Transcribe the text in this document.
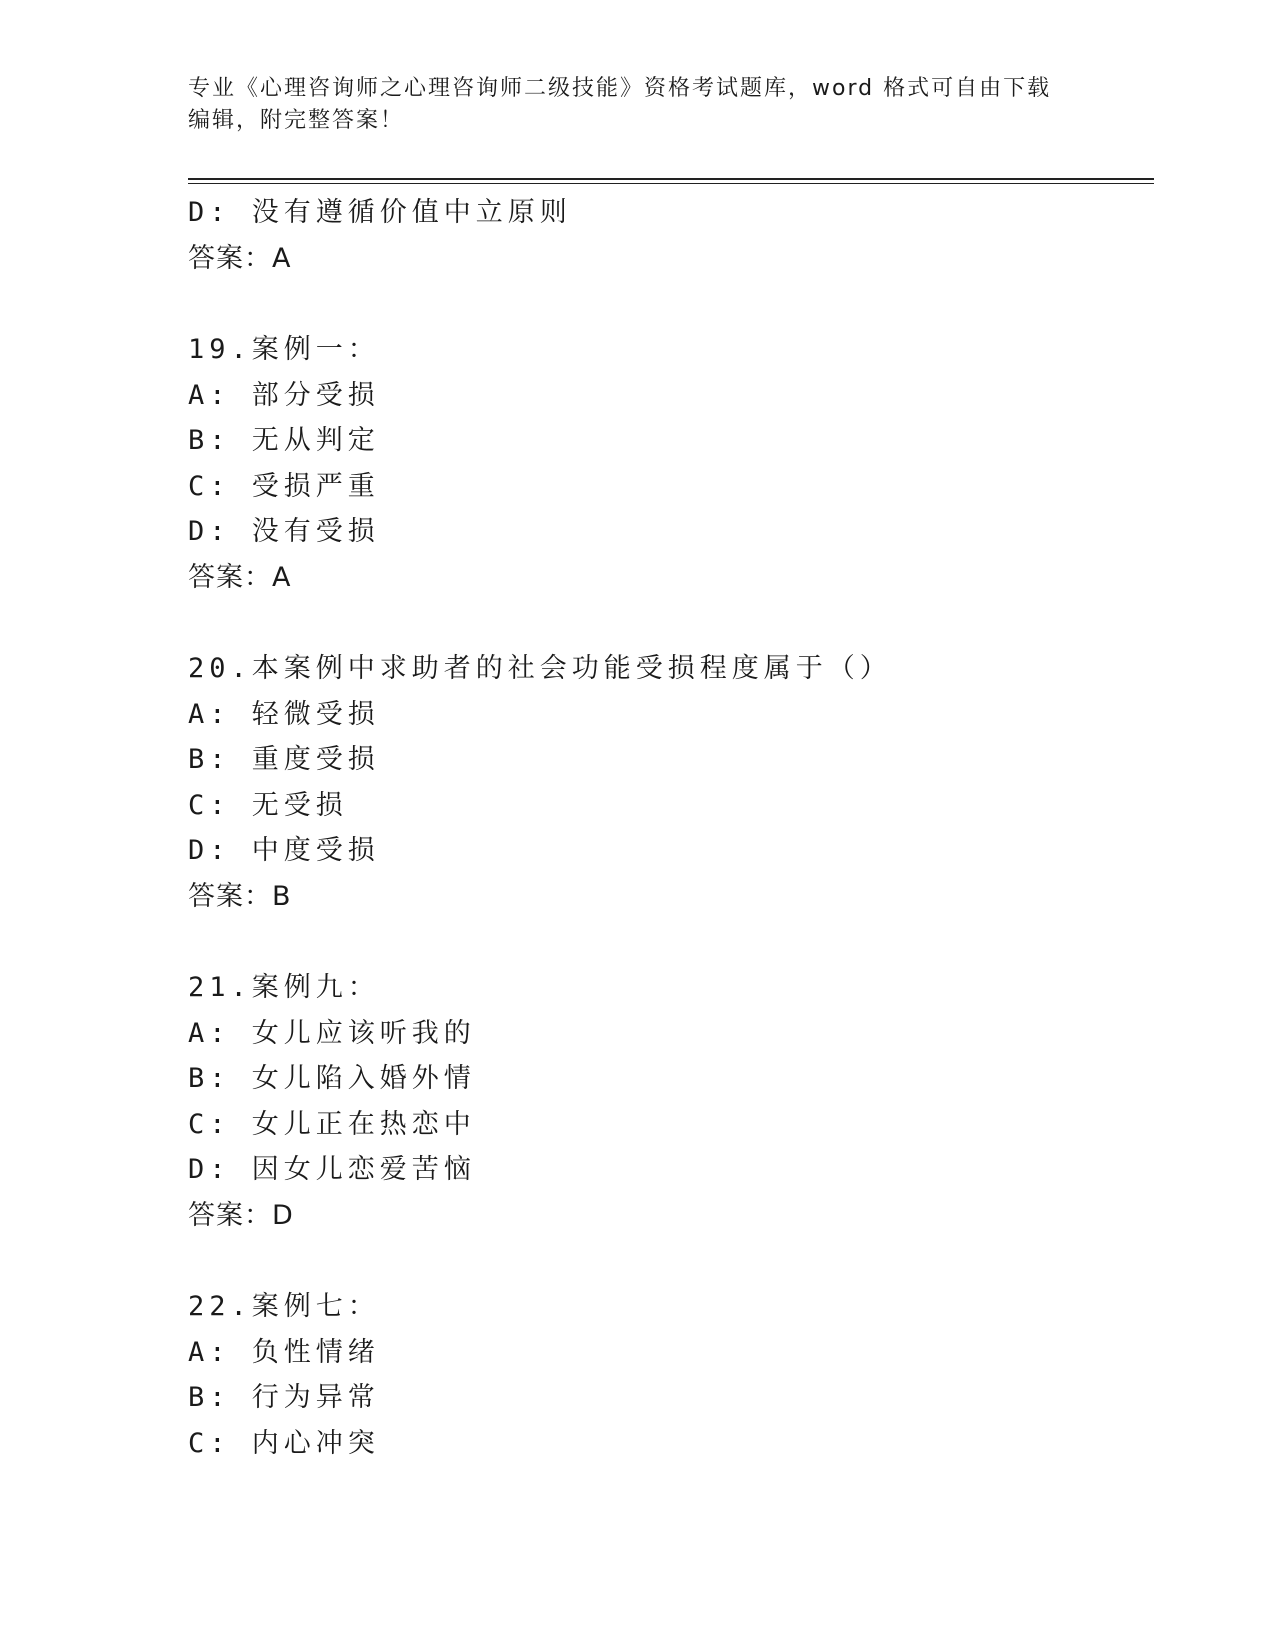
专业《心理咨询师之心理咨询师二级技能》资格考试题库，word 格式可自由下载
编辑，附完整答案！
D: 没有遵循价值中立原则
答案：A
19.案例一：
A: 部分受损
B: 无从判定
C: 受损严重
D: 没有受损
答案：A
20.本案例中求助者的社会功能受损程度属于（）
A: 轻微受损
B: 重度受损
C: 无受损
D: 中度受损
答案：B
21.案例九：
A: 女儿应该听我的
B: 女儿陷入婚外情
C: 女儿正在热恋中
D: 因女儿恋爱苦恼
答案：D
22.案例七：
A: 负性情绪
B: 行为异常
C: 内心冲突
